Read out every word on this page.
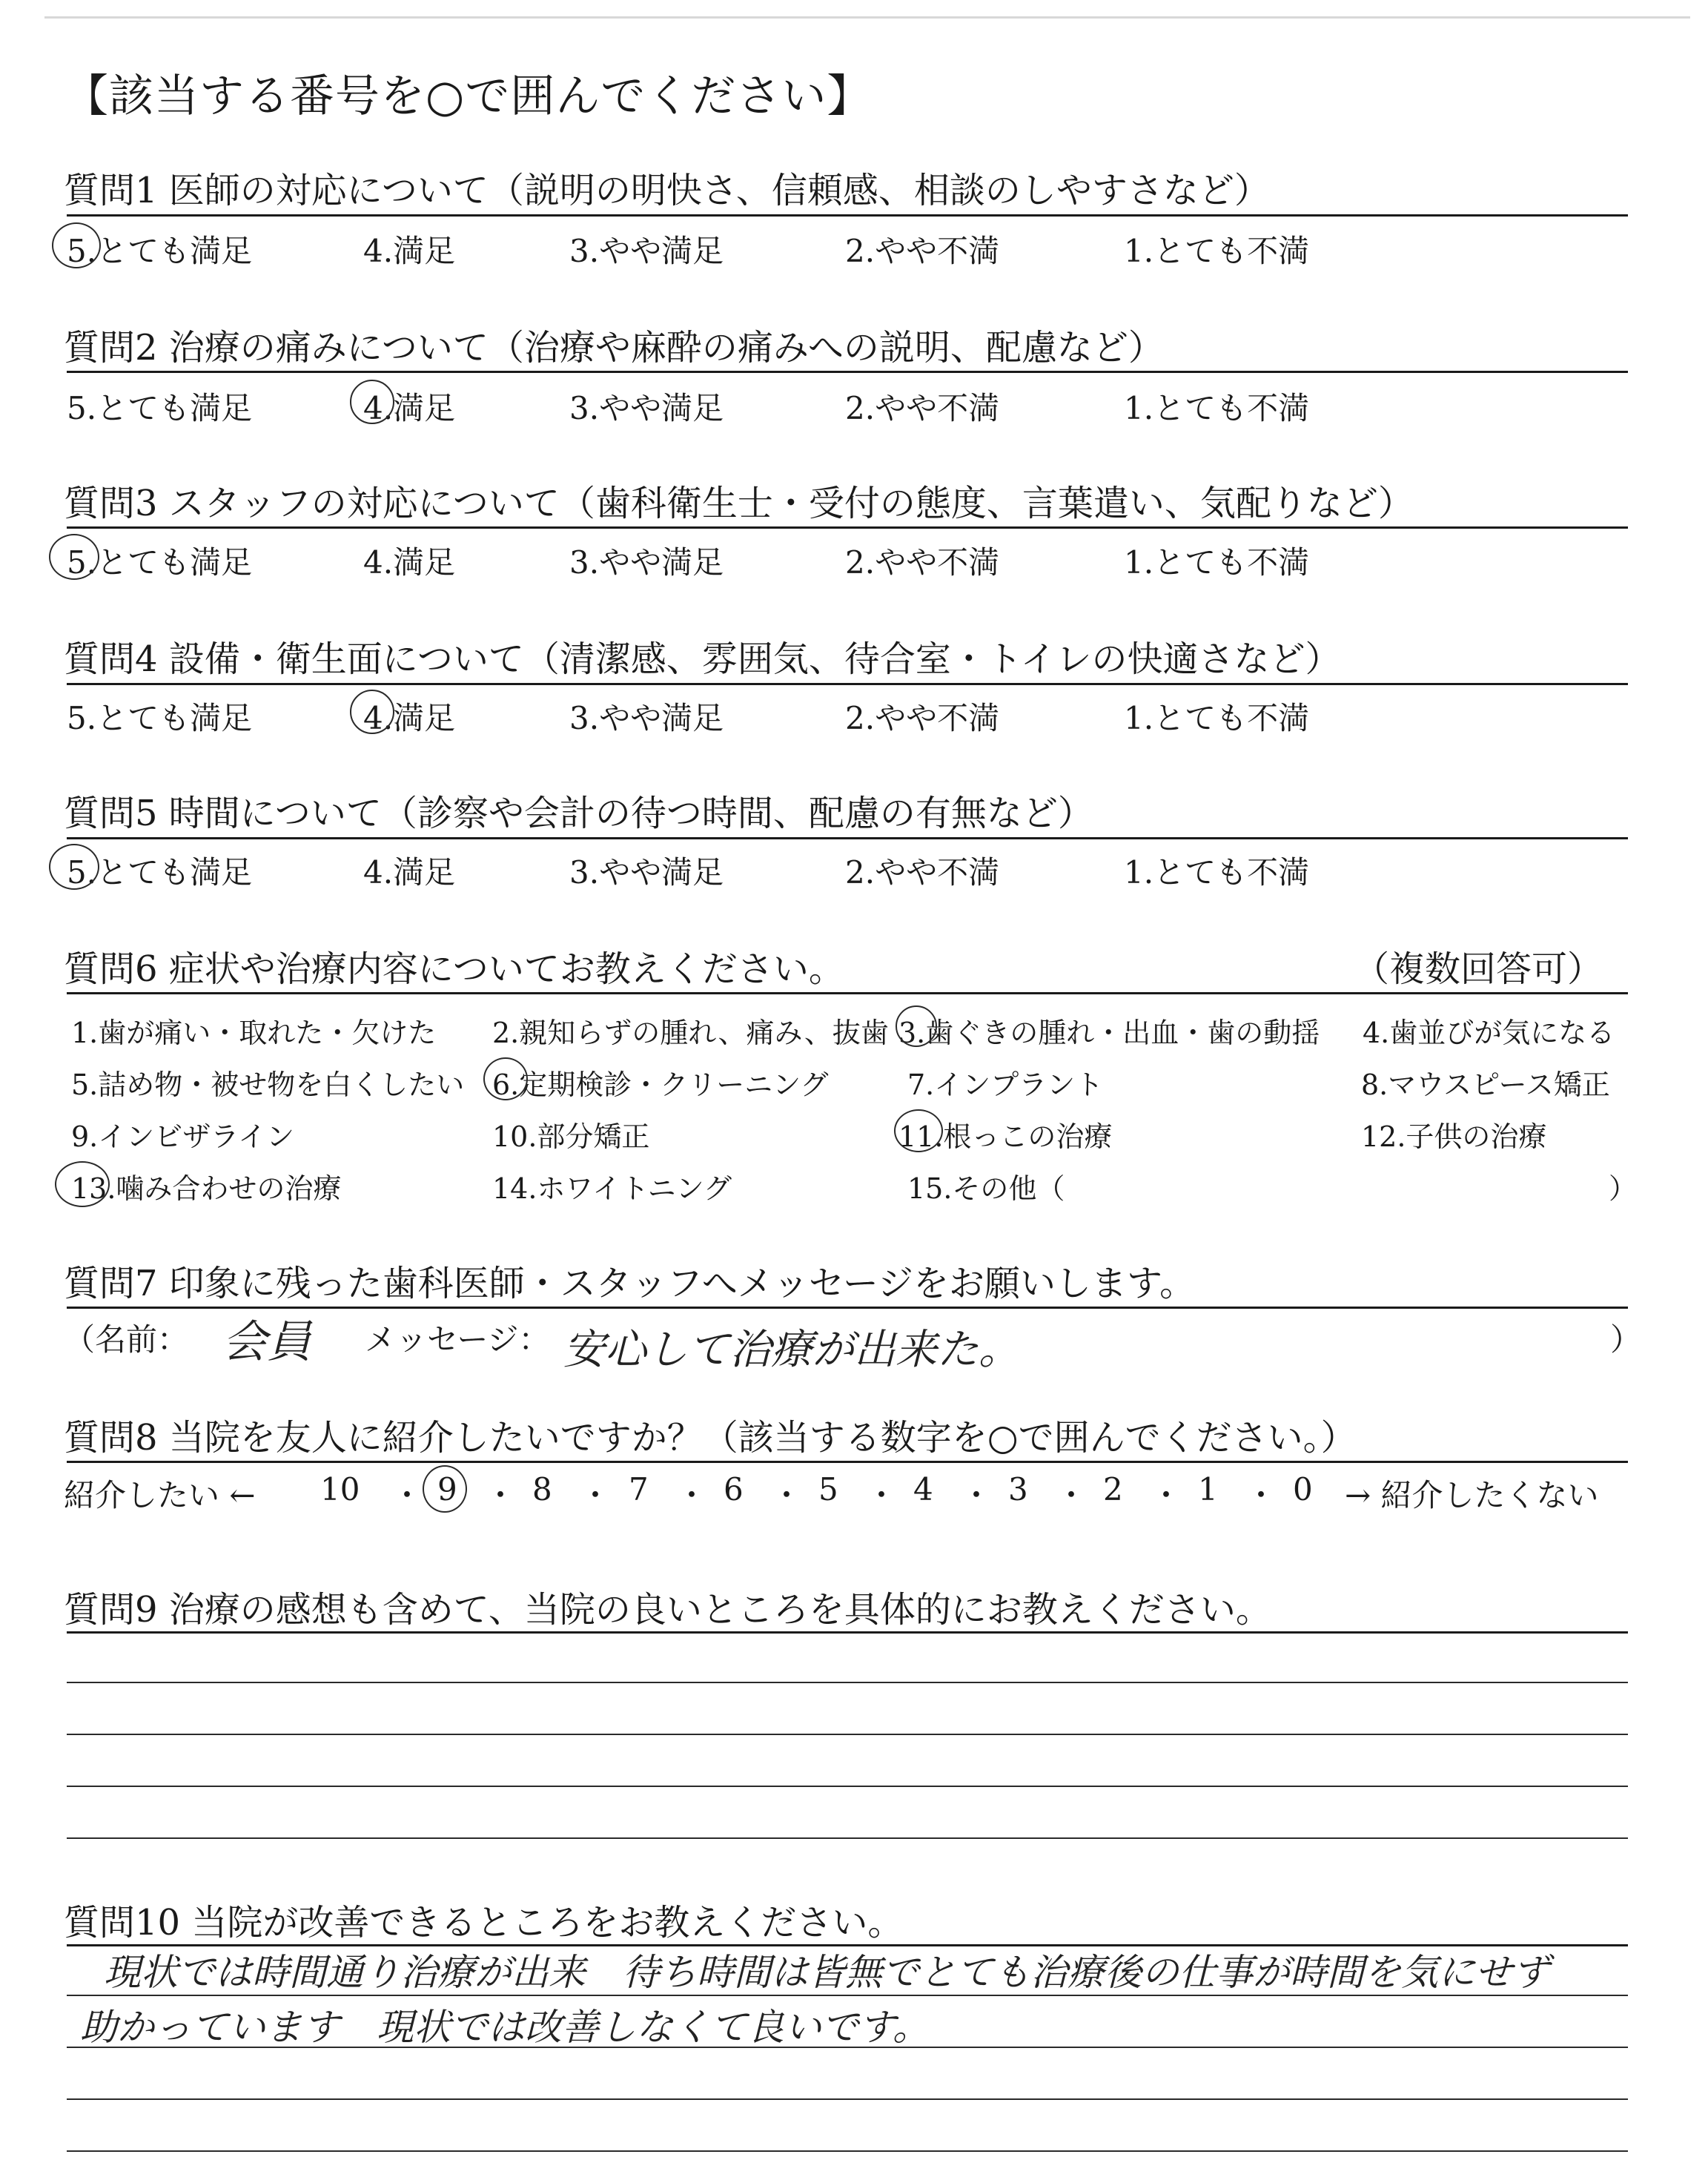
【該当する番号を○で囲んでください】
質問1 医師の対応について（説明の明快さ、信頼感、相談のしやすさなど）
5.とても満足	4.満足	3.やや満足	2.やや不満	1.とても不満
質問2 治療の痛みについて（治療や麻酔の痛みへの説明、配慮など）
5.とても満足	4.満足	3.やや満足	2.やや不満	1.とても不満
質問3 スタッフの対応について（歯科衛生士・受付の態度、言葉遣い、気配りなど）
5.とても満足	4.満足	3.やや満足	2.やや不満	1.とても不満
質問4 設備・衛生面について（清潔感、雰囲気、待合室・トイレの快適さなど）
5.とても満足	4.満足	3.やや満足	2.やや不満	1.とても不満
質問5 時間について（診察や会計の待つ時間、配慮の有無など）
5.とても満足	4.満足	3.やや満足	2.やや不満	1.とても不満
質問6 症状や治療内容についてお教えください。	（複数回答可）
1.歯が痛い・取れた・欠けた 2.親知らずの腫れ、痛み、抜歯 3.歯ぐきの腫れ・出血・歯の動揺 4.歯並びが気になる
5.詰め物・被せ物を白くしたい 6.定期検診・クリーニング	7.インプラント	8.マウスピース矯正
9.インビザライン	10.部分矯正	11.根っこの治療	12.子供の治療
13.噛み合わせの治療	14.ホワイトニング	15.その他（	）
質問7 印象に残った歯科医師・スタッフへメッセージをお願いします。
（名前： 会員 メッセージ： 安心して治療が出来た。	）
質問8 当院を友人に紹介したいですか？（該当する数字を○で囲んでください。）
紹介したい ← 10 ・ 9 ・ 8 ・ 7 ・ 6 ・ 5 ・ 4 ・ 3 ・ 2 ・ 1 ・ 0 → 紹介したくない
質問9 治療の感想も含めて、当院の良いところを具体的にお教えください。
質問10 当院が改善できるところをお教えください。
現状では時間通り治療が出来　待ち時間は皆無でとても治療後の仕事が時間を気にせず
助かっています　現状では改善しなくて良いです。
